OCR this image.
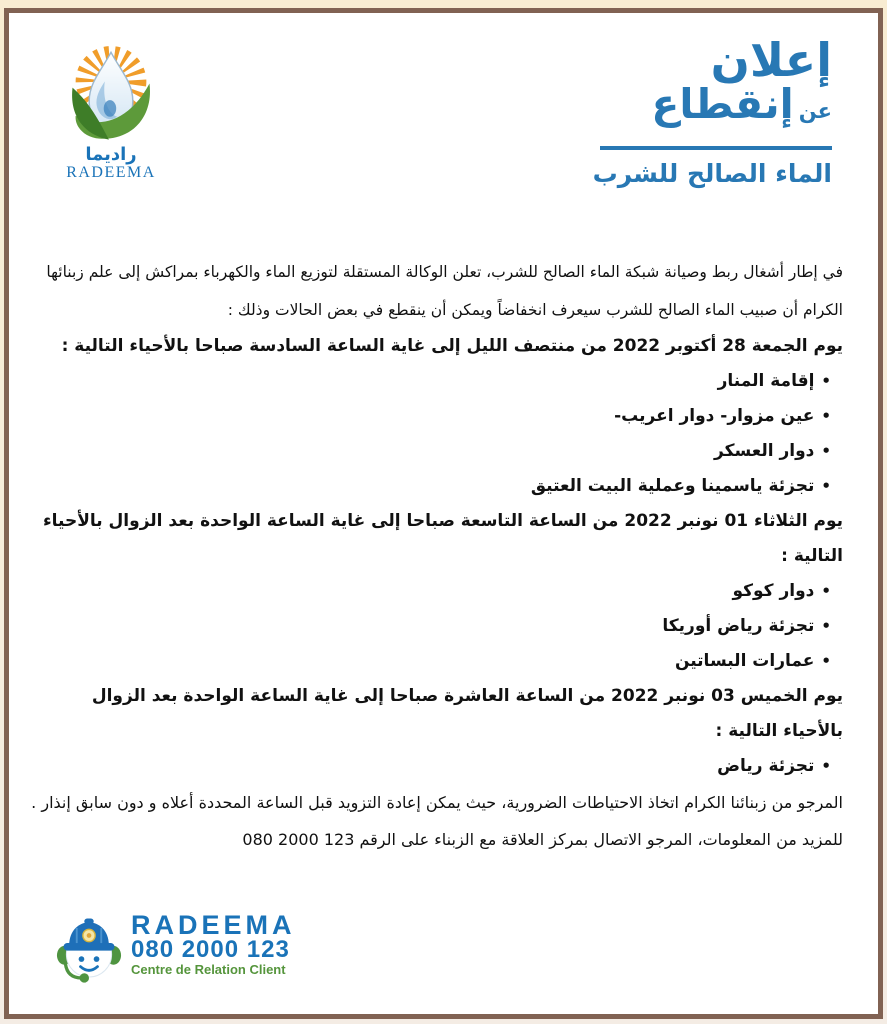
راديما
RADEEMA
إعلان
عن إنقطاع
الماء الصالح للشرب

في إطار أشغال ربط وصيانة شبكة الماء الصالح للشرب، تعلن الوكالة المستقلة لتوزيع الماء والكهرباء بمراكش إلى علم زبنائها

الكرام أن صبيب الماء الصالح للشرب سيعرف انخفاضاً ويمكن أن ينقطع في بعض الحالات وذلك :

يوم الجمعة 28 أكتوبر 2022 من منتصف الليل إلى غاية الساعة السادسة صباحا بالأحياء التالية :

• إقامة المنار
• عين مزوار- دوار اعريب-
• دوار العسكر
• تجزئة ياسمينا وعملية البيت العتيق

يوم الثلاثاء 01 نونبر 2022 من الساعة التاسعة صباحا إلى غاية الساعة الواحدة بعد الزوال بالأحياء التالية :

• دوار كوكو
• تجزئة رياض أوريكا
• عمارات البساتين

يوم الخميس 03 نونبر 2022 من الساعة العاشرة صباحا إلى غاية الساعة الواحدة بعد الزوال بالأحياء التالية :

• تجزئة رياض

المرجو من زبنائنا الكرام اتخاذ الاحتياطات الضرورية، حيث يمكن إعادة التزويد قبل الساعة المحددة أعلاه و دون سابق إنذار .

للمزيد من المعلومات، المرجو الاتصال بمركز العلاقة مع الزبناء على الرقم 080 2000 123

RADEEMA
080 2000 123
Centre de Relation Client
